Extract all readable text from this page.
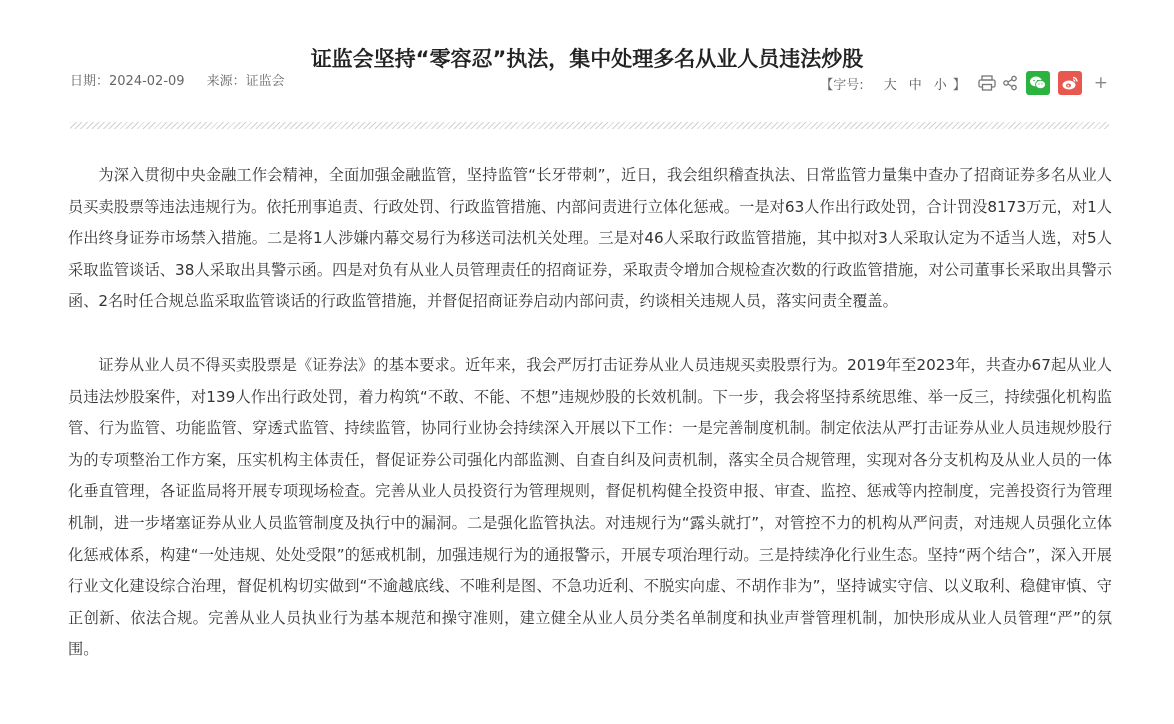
证监会坚持“零容忍”执法，集中处理多名从业人员违法炒股
日期：2024-02-09 来源：证监会	【字号: 大 中 小 】	+

为深入贯彻中央金融工作会精神，全面加强金融监管，坚持监管“长牙带刺”，近日，我会组织稽查执法、日常监管力量集中查办了招商证券多名从业人员买卖股票等违法违规行为。依托刑事追责、行政处罚、行政监管措施、内部问责进行立体化惩戒。一是对63人作出行政处罚，合计罚没8173万元，对1人作出终身证券市场禁入措施。二是将1人涉嫌内幕交易行为移送司法机关处理。三是对46人采取行政监管措施，其中拟对3人采取认定为不适当人选，对5人采取监管谈话、38人采取出具警示函。四是对负有从业人员管理责任的招商证券，采取责令增加合规检查次数的行政监管措施，对公司董事长采取出具警示函、2名时任合规总监采取监管谈话的行政监管措施，并督促招商证券启动内部问责，约谈相关违规人员，落实问责全覆盖。

证券从业人员不得买卖股票是《证券法》的基本要求。近年来，我会严厉打击证券从业人员违规买卖股票行为。2019年至2023年，共查办67起从业人员违法炒股案件，对139人作出行政处罚，着力构筑“不敢、不能、不想”违规炒股的长效机制。下一步，我会将坚持系统思维、举一反三，持续强化机构监管、行为监管、功能监管、穿透式监管、持续监管，协同行业协会持续深入开展以下工作：一是完善制度机制。制定依法从严打击证券从业人员违规炒股行为的专项整治工作方案，压实机构主体责任，督促证券公司强化内部监测、自查自纠及问责机制，落实全员合规管理，实现对各分支机构及从业人员的一体化垂直管理，各证监局将开展专项现场检查。完善从业人员投资行为管理规则，督促机构健全投资申报、审查、监控、惩戒等内控制度，完善投资行为管理机制，进一步堵塞证券从业人员监管制度及执行中的漏洞。二是强化监管执法。对违规行为“露头就打”，对管控不力的机构从严问责，对违规人员强化立体化惩戒体系，构建“一处违规、处处受限”的惩戒机制，加强违规行为的通报警示，开展专项治理行动。三是持续净化行业生态。坚持“两个结合”，深入开展行业文化建设综合治理，督促机构切实做到“不逾越底线、不唯利是图、不急功近利、不脱实向虚、不胡作非为”，坚持诚实守信、以义取利、稳健审慎、守正创新、依法合规。完善从业人员执业行为基本规范和操守准则，建立健全从业人员分类名单制度和执业声誉管理机制，加快形成从业人员管理“严”的氛围。
